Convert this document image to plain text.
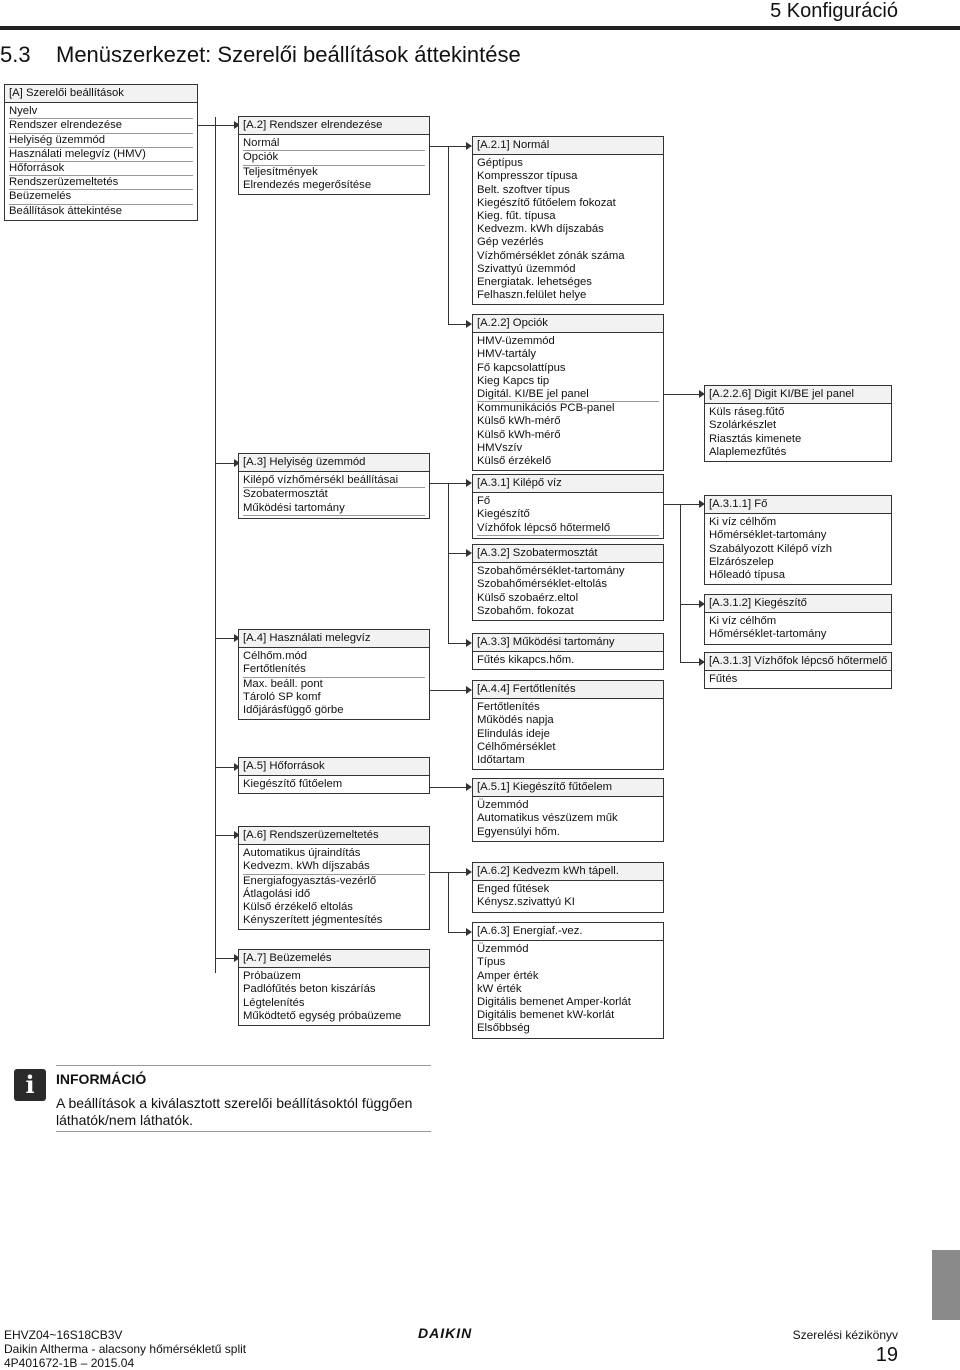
5 Konfiguráció
5.3 Menüszerkezet: Szerelői beállítások áttekintése
[A] Szerelői beállítások
Nyelv
Rendszer elrendezése
Helyiség üzemmód
Használati melegvíz (HMV)
Hőforrások
Rendszerüzemeltetés
Beüzemelés
Beállítások áttekintése
[A.2] Rendszer elrendezése
Normál
Opciók
Teljesítmények
Elrendezés megerősítése
[A.2.1] Normál
Géptípus
Kompresszor típusa
Belt. szoftver típus
Kiegészítő fűtőelem fokozat
Kieg. fűt. típusa
Kedvezm. kWh díjszabás
Gép vezérlés
Vízhőmérséklet zónák száma
Szivattyú üzemmód
Energiatak. lehetséges
Felhaszn.felület helye
[A.2.2] Opciók
HMV-üzemmód
HMV-tartály
Fő kapcsolattípus
Kieg Kapcs tip
Digitál. KI/BE jel panel
Kommunikációs PCB-panel
Külső kWh-mérő
Külső kWh-mérő
HMVszív
Külső érzékelő
[A.2.2.6] Digit KI/BE jel panel
Küls ráseg.fűtő
Szolárkészlet
Riasztás kimenete
Alaplemezfűtés
[A.3] Helyiség üzemmód
Kilépő vízhőmérsékl beállításai
Szobatermosztát
Működési tartomány
[A.3.1] Kilépő víz
Fő
Kiegészítő
Vízhőfok lépcső hőtermelő
[A.3.1.1] Fő
Ki víz célhőm
Hőmérséklet-tartomány
Szabályozott Kilépő vízh
Elzárószelep
Hőleadó típusa
[A.3.1.2] Kiegészítő
Ki víz célhőm
Hőmérséklet-tartomány
[A.3.1.3] Vízhőfok lépcső hőtermelő
Fűtés
[A.3.2] Szobatermosztát
Szobahőmérséklet-tartomány
Szobahőmérséklet-eltolás
Külső szobaérz.eltol
Szobahőm. fokozat
[A.3.3] Működési tartomány
Fűtés kikapcs.hőm.
[A.4] Használati melegvíz
Célhőm.mód
Fertőtlenítés
Max. beáll. pont
Tároló SP komf
Időjárásfüggő görbe
[A.4.4] Fertőtlenítés
Fertőtlenítés
Működés napja
Elindulás ideje
Célhőmérséklet
Időtartam
[A.5] Hőforrások
Kiegészítő fűtőelem	[A.5.1] Kiegészítő fűtőelem
Üzemmód
Automatikus vészüzem műk
Egyensúlyi hőm.
[A.6] Rendszerüzemeltetés
Automatikus újraindítás
Kedvezm. kWh díjszabás
Energiafogyasztás-vezérlő
Átlagolási idő
Külső érzékelő eltolás
Kényszerített jégmentesítés
[A.6.2] Kedvezm kWh tápell.
Enged fűtések
Kénysz.szivattyú KI
[A.6.3] Energiaf.-vez.
Üzemmód
Típus
Amper érték
kW érték
Digitális bemenet Amper-korlát
Digitális bemenet kW-korlát
Elsőbbség
[A.7] Beüzemelés
Próbaüzem
Padlófűtés beton kiszáríás
Légtelenítés
Működtető egység próbaüzeme
i	INFORMÁCIÓ
A beállítások a kiválasztott szerelői beállításoktól függően láthatók/nem láthatók.
EHVZ04~16S18CB3V
Daikin Altherma - alacsony hőmérsékletű split
4P401672-1B – 2015.04
DAIKIN	Szerelési kézikönyv
19
